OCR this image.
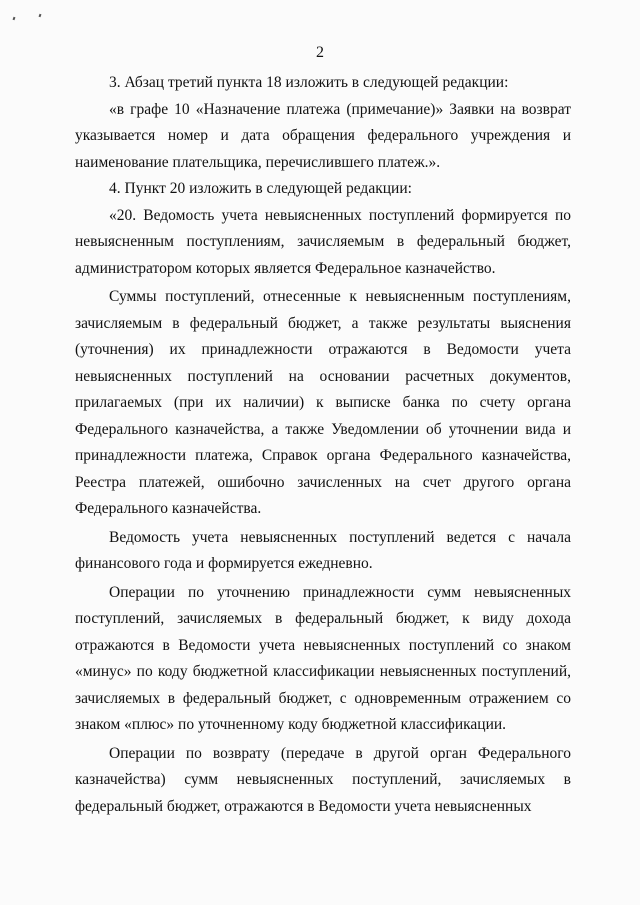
2

3. Абзац третий пункта 18 изложить в следующей редакции:

«в графе 10 «Назначение платежа (примечание)» Заявки на возврат указывается номер и дата обращения федерального учреждения и наименование плательщика, перечислившего платеж.».

4. Пункт 20 изложить в следующей редакции:

«20. Ведомость учета невыясненных поступлений формируется по невыясненным поступлениям, зачисляемым в федеральный бюджет, администратором которых является Федеральное казначейство.

Суммы поступлений, отнесенные к невыясненным поступлениям, зачисляемым в федеральный бюджет, а также результаты выяснения (уточнения) их принадлежности отражаются в Ведомости учета невыясненных поступлений на основании расчетных документов, прилагаемых (при их наличии) к выписке банка по счету органа Федерального казначейства, а также Уведомлении об уточнении вида и принадлежности платежа, Справок органа Федерального казначейства, Реестра платежей, ошибочно зачисленных на счет другого органа Федерального казначейства.

Ведомость учета невыясненных поступлений ведется с начала финансового года и формируется ежедневно.

Операции по уточнению принадлежности сумм невыясненных поступлений, зачисляемых в федеральный бюджет, к виду дохода отражаются в Ведомости учета невыясненных поступлений со знаком «минус» по коду бюджетной классификации невыясненных поступлений, зачисляемых в федеральный бюджет, с одновременным отражением со знаком «плюс» по уточненному коду бюджетной классификации.

Операции по возврату (передаче в другой орган Федерального казначейства) сумм невыясненных поступлений, зачисляемых в федеральный бюджет, отражаются в Ведомости учета невыясненных
